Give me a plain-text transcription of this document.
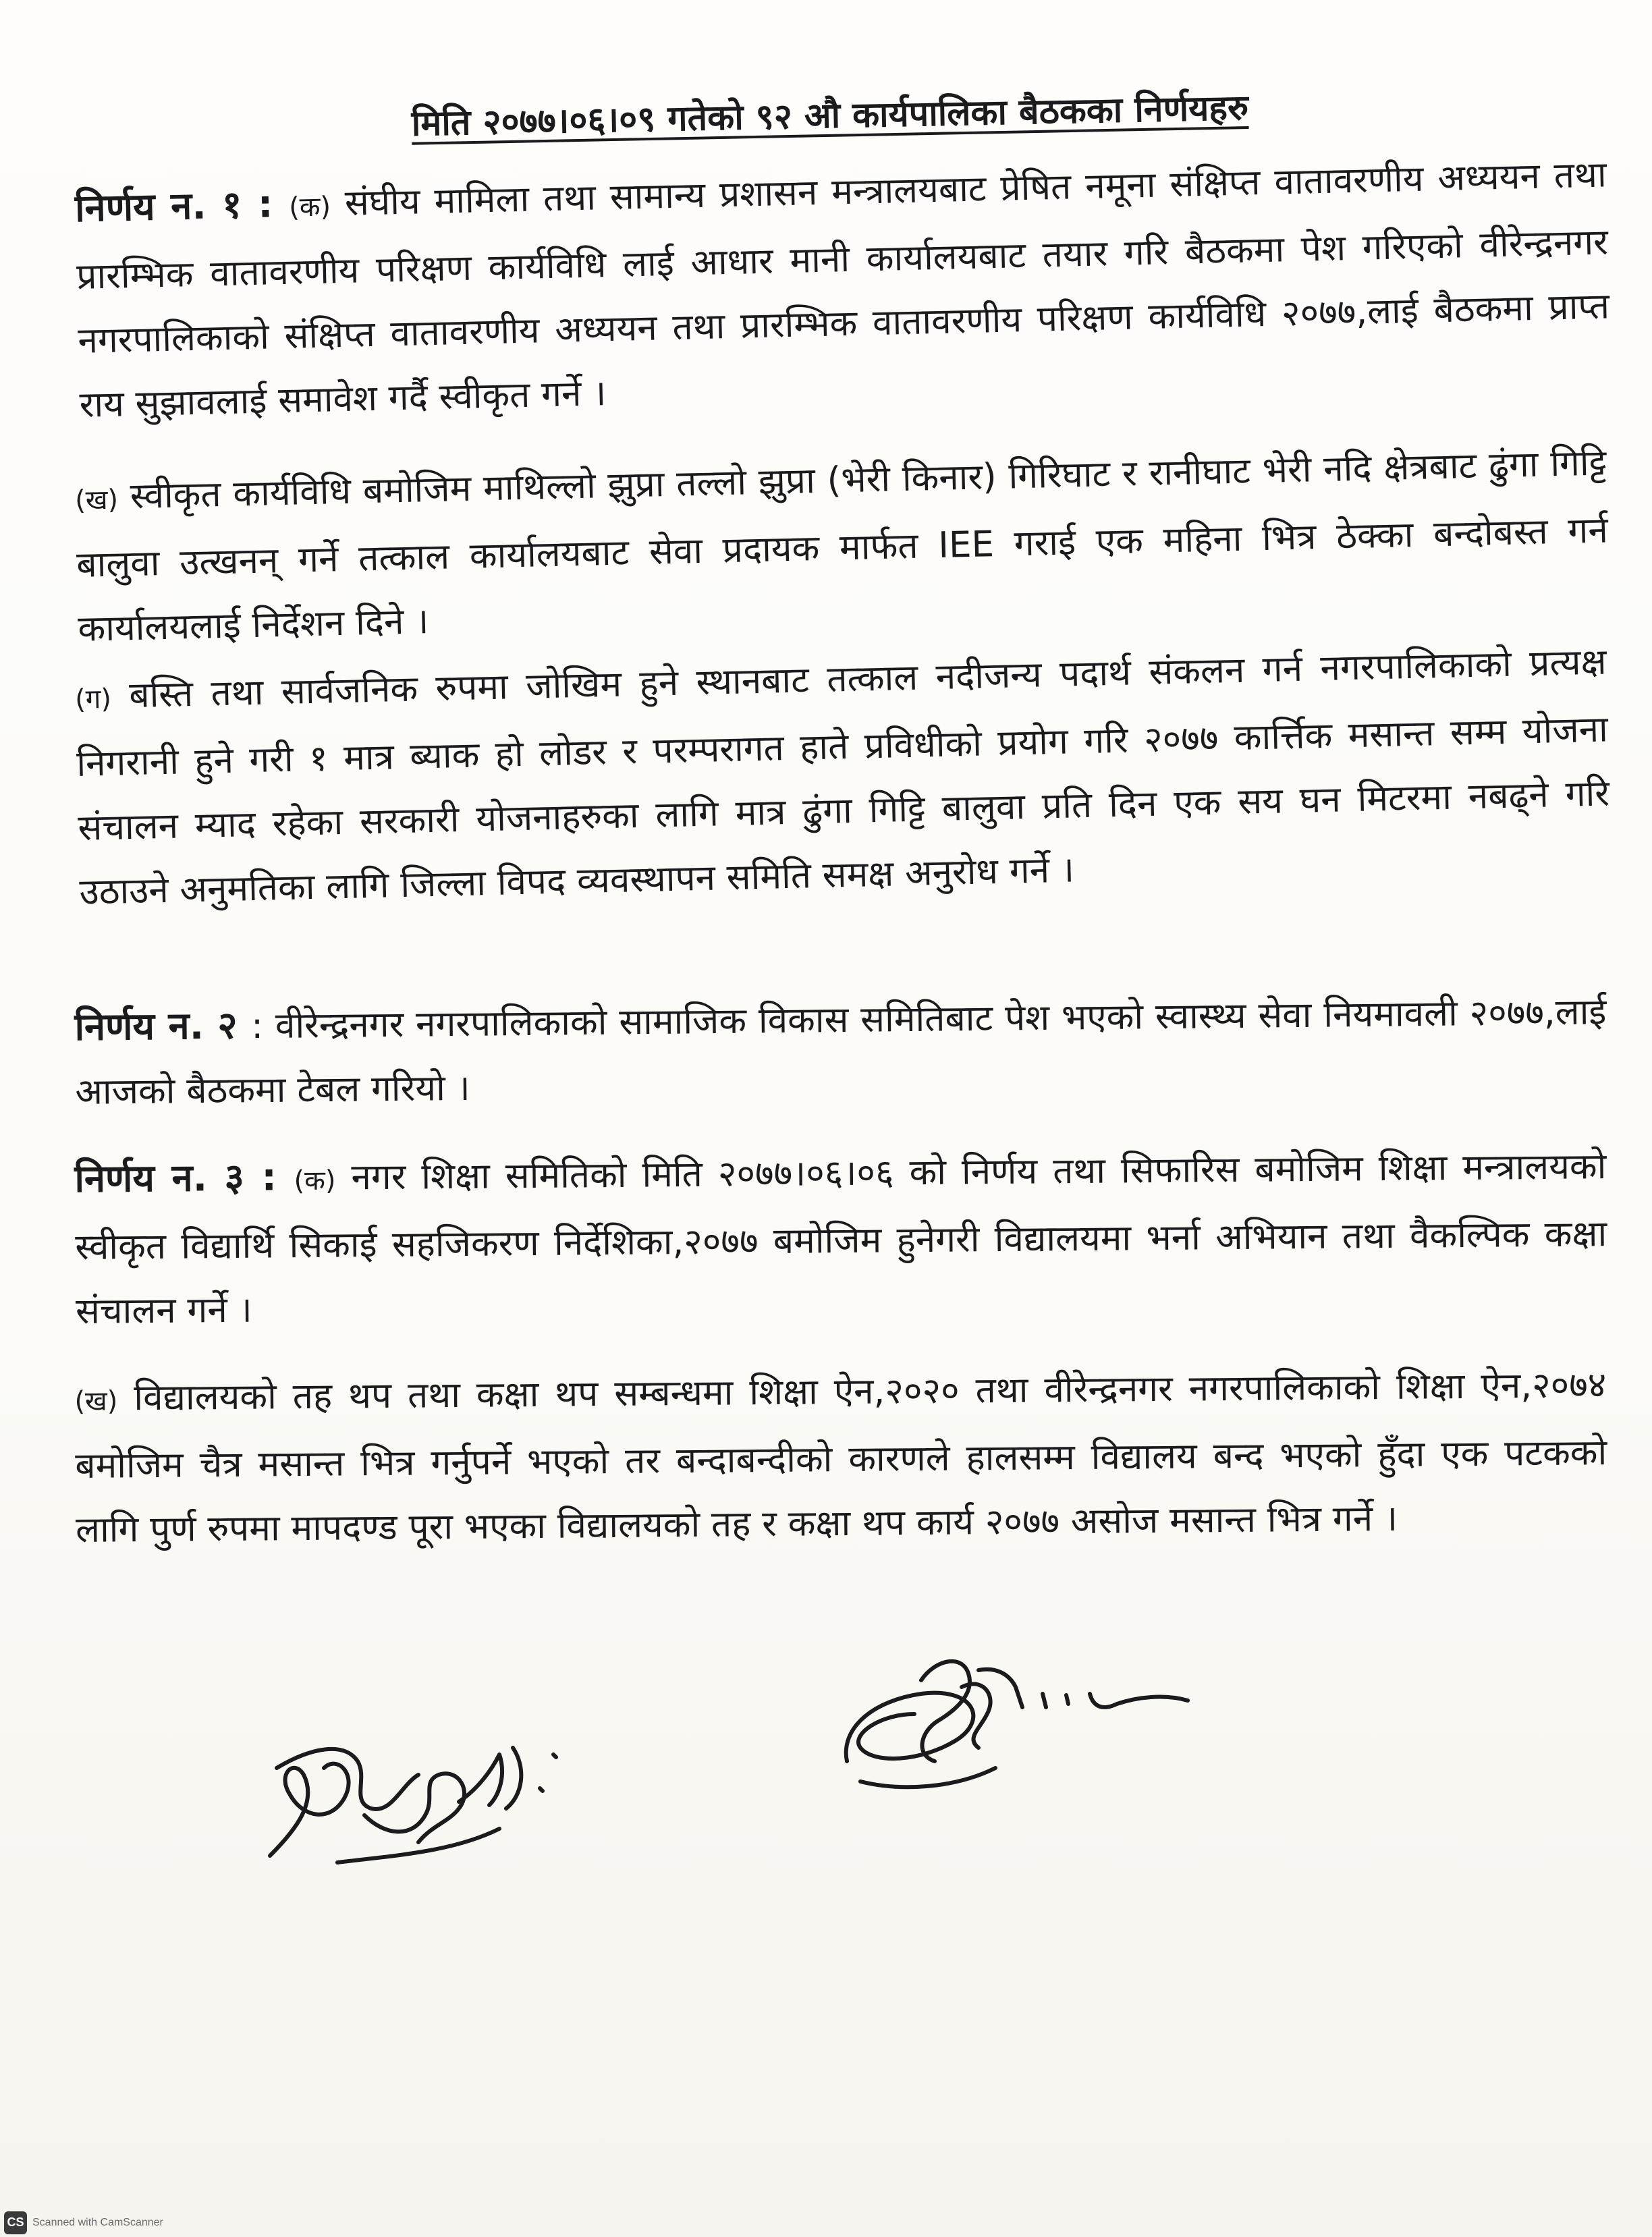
मिति २०७७।०६।०९ गतेको ९२ औ कार्यपालिका बैठकका निर्णयहरु
निर्णय न. १ : (क) संघीय मामिला तथा सामान्य प्रशासन मन्त्रालयबाट प्रेषित नमूना संक्षिप्त वातावरणीय अध्ययन तथा प्रारम्भिक वातावरणीय परिक्षण कार्यविधि लाई आधार मानी कार्यालयबाट तयार गरि बैठकमा पेश गरिएको वीरेन्द्रनगर नगरपालिकाको संक्षिप्त वातावरणीय अध्ययन तथा प्रारम्भिक वातावरणीय परिक्षण कार्यविधि २०७७,लाई बैठकमा प्राप्त राय सुझावलाई समावेश गर्दै स्वीकृत गर्ने ।
(ख) स्वीकृत कार्यविधि बमोजिम माथिल्लो झुप्रा तल्लो झुप्रा (भेरी किनार) गिरिघाट र रानीघाट भेरी नदि क्षेत्रबाट ढुंगा गिट्टि बालुवा उत्खनन् गर्ने तत्काल कार्यालयबाट सेवा प्रदायक मार्फत IEE गराई एक महिना भित्र ठेक्का बन्दोबस्त गर्न कार्यालयलाई निर्देशन दिने ।
(ग) बस्ति तथा सार्वजनिक रुपमा जोखिम हुने स्थानबाट तत्काल नदीजन्य पदार्थ संकलन गर्न नगरपालिकाको प्रत्यक्ष निगरानी हुने गरी १ मात्र ब्याक हो लोडर र परम्परागत हाते प्रविधीको प्रयोग गरि २०७७ कार्त्तिक मसान्त सम्म योजना संचालन म्याद रहेका सरकारी योजनाहरुका लागि मात्र ढुंगा गिट्टि बालुवा प्रति दिन एक सय घन मिटरमा नबढ्ने गरि उठाउने अनुमतिका लागि जिल्ला विपद व्यवस्थापन समिति समक्ष अनुरोध गर्ने ।
निर्णय न. २ : वीरेन्द्रनगर नगरपालिकाको सामाजिक विकास समितिबाट पेश भएको स्वास्थ्य सेवा नियमावली २०७७,लाई आजको बैठकमा टेबल गरियो ।
निर्णय न. ३ : (क) नगर शिक्षा समितिको मिति २०७७।०६।०६ को निर्णय तथा सिफारिस बमोजिम शिक्षा मन्त्रालयको स्वीकृत विद्यार्थि सिकाई सहजिकरण निर्देशिका,२०७७ बमोजिम हुनेगरी विद्यालयमा भर्ना अभियान तथा वैकल्पिक कक्षा संचालन गर्ने ।
(ख) विद्यालयको तह थप तथा कक्षा थप सम्बन्धमा शिक्षा ऐन,२०२० तथा वीरेन्द्रनगर नगरपालिकाको शिक्षा ऐन,२०७४ बमोजिम चैत्र मसान्त भित्र गर्नुपर्ने भएको तर बन्दाबन्दीको कारणले हालसम्म विद्यालय बन्द भएको हुँदा एक पटकको लागि पुर्ण रुपमा मापदण्ड पूरा भएका विद्यालयको तह र कक्षा थप कार्य २०७७ असोज मसान्त भित्र गर्ने ।
CS Scanned with CamScanner
